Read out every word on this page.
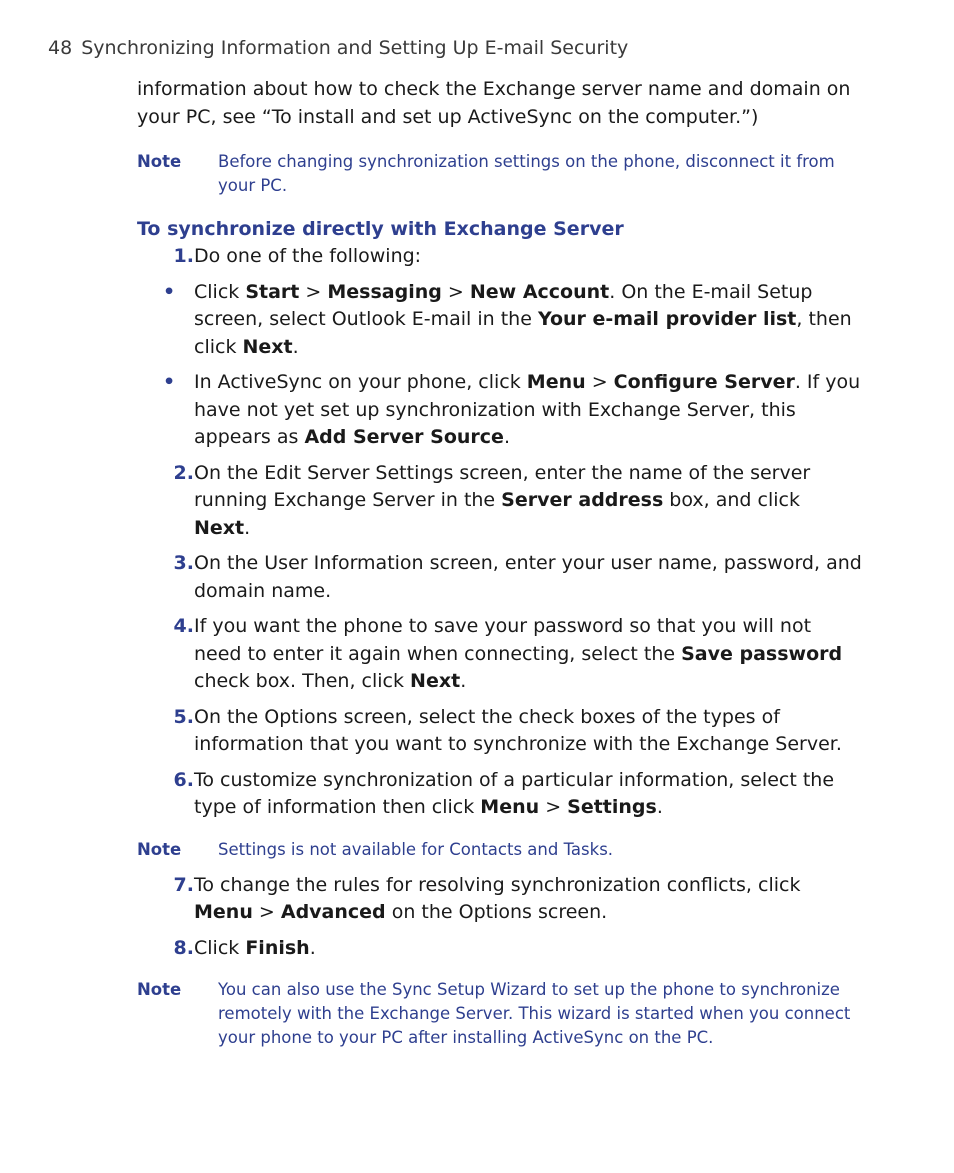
48 Synchronizing Information and Setting Up E-mail Security

information about how to check the Exchange server name and domain on your PC, see “To install and set up ActiveSync on the computer.”)

Note	Before changing synchronization settings on the phone, disconnect it from your PC.

To synchronize directly with Exchange Server

1. Do one of the following:
• Click Start > Messaging > New Account. On the E-mail Setup screen, select Outlook E-mail in the Your e-mail provider list, then click Next.
• In ActiveSync on your phone, click Menu > Configure Server. If you have not yet set up synchronization with Exchange Server, this appears as Add Server Source.
2. On the Edit Server Settings screen, enter the name of the server running Exchange Server in the Server address box, and click Next.
3. On the User Information screen, enter your user name, password, and domain name.
4. If you want the phone to save your password so that you will not need to enter it again when connecting, select the Save password check box. Then, click Next.
5. On the Options screen, select the check boxes of the types of information that you want to synchronize with the Exchange Server.
6. To customize synchronization of a particular information, select the type of information then click Menu > Settings.
Note	Settings is not available for Contacts and Tasks.
7. To change the rules for resolving synchronization conflicts, click Menu > Advanced on the Options screen.
8. Click Finish.
Note	You can also use the Sync Setup Wizard to set up the phone to synchronize remotely with the Exchange Server. This wizard is started when you connect your phone to your PC after installing ActiveSync on the PC.
